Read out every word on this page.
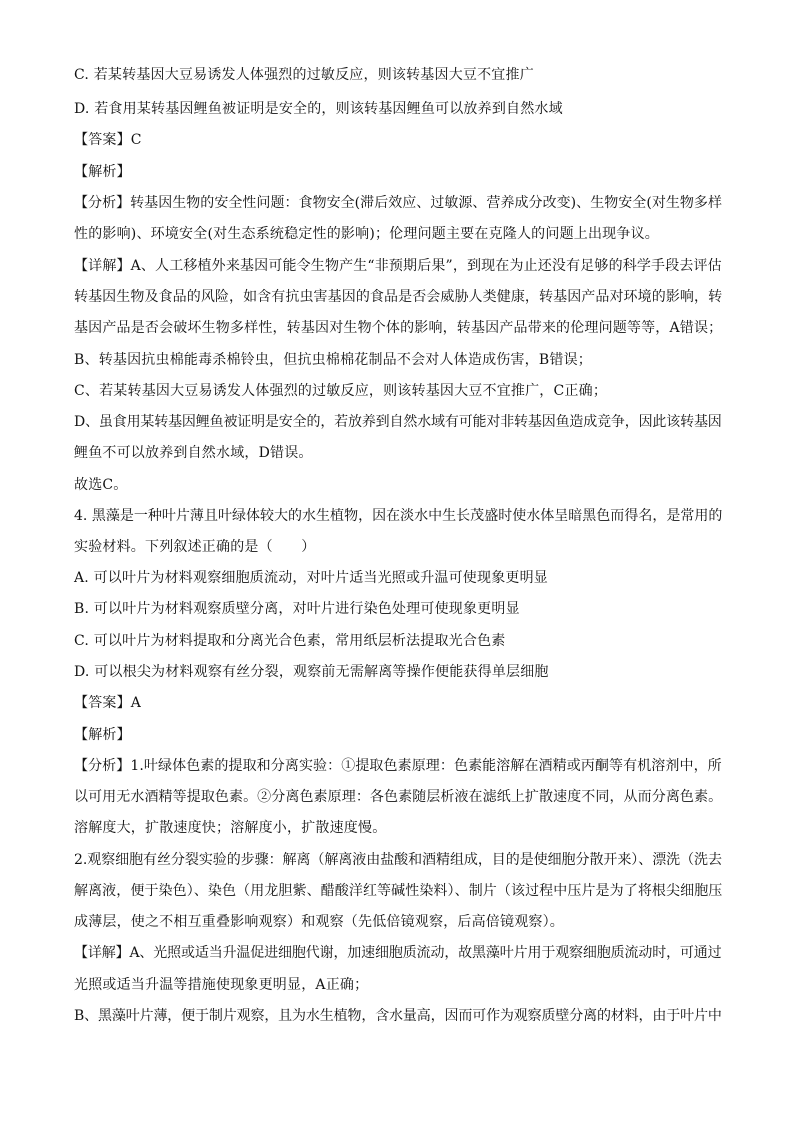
C. 若某转基因大豆易诱发人体强烈的过敏反应，则该转基因大豆不宜推广
D. 若食用某转基因鲤鱼被证明是安全的，则该转基因鲤鱼可以放养到自然水域
【答案】C
【解析】
【分析】转基因生物的安全性问题：食物安全(滞后效应、过敏源、营养成分改变)、生物安全(对生物多样
性的影响)、环境安全(对生态系统稳定性的影响)；伦理问题主要在克隆人的问题上出现争议。
【详解】A、人工移植外来基因可能令生物产生“非预期后果”，到现在为止还没有足够的科学手段去评估
转基因生物及食品的风险，如含有抗虫害基因的食品是否会威胁人类健康，转基因产品对环境的影响，转
基因产品是否会破坏生物多样性，转基因对生物个体的影响，转基因产品带来的伦理问题等等，A错误；
B、转基因抗虫棉能毒杀棉铃虫，但抗虫棉棉花制品不会对人体造成伤害，B错误；
C、若某转基因大豆易诱发人体强烈的过敏反应，则该转基因大豆不宜推广，C正确；
D、虽食用某转基因鲤鱼被证明是安全的，若放养到自然水域有可能对非转基因鱼造成竞争，因此该转基因
鲤鱼不可以放养到自然水域，D错误。
故选C。
4. 黑藻是一种叶片薄且叶绿体较大的水生植物，因在淡水中生长茂盛时使水体呈暗黑色而得名，是常用的
实验材料。下列叙述正确的是（　　）
A. 可以叶片为材料观察细胞质流动，对叶片适当光照或升温可使现象更明显
B. 可以叶片为材料观察质壁分离，对叶片进行染色处理可使现象更明显
C. 可以叶片为材料提取和分离光合色素，常用纸层析法提取光合色素
D. 可以根尖为材料观察有丝分裂，观察前无需解离等操作便能获得单层细胞
【答案】A
【解析】
【分析】1.叶绿体色素的提取和分离实验：①提取色素原理：色素能溶解在酒精或丙酮等有机溶剂中，所
以可用无水酒精等提取色素。②分离色素原理：各色素随层析液在滤纸上扩散速度不同，从而分离色素。
溶解度大，扩散速度快；溶解度小，扩散速度慢。
2.观察细胞有丝分裂实验的步骤：解离（解离液由盐酸和酒精组成，目的是使细胞分散开来）、漂洗（洗去
解离液，便于染色）、染色（用龙胆紫、醋酸洋红等碱性染料）、制片（该过程中压片是为了将根尖细胞压
成薄层，使之不相互重叠影响观察）和观察（先低倍镜观察，后高倍镜观察）。
【详解】A、光照或适当升温促进细胞代谢，加速细胞质流动，故黑藻叶片用于观察细胞质流动时，可通过
光照或适当升温等措施使现象更明显，A正确；
B、黑藻叶片薄，便于制片观察，且为水生植物，含水量高，因而可作为观察质壁分离的材料，由于叶片中
